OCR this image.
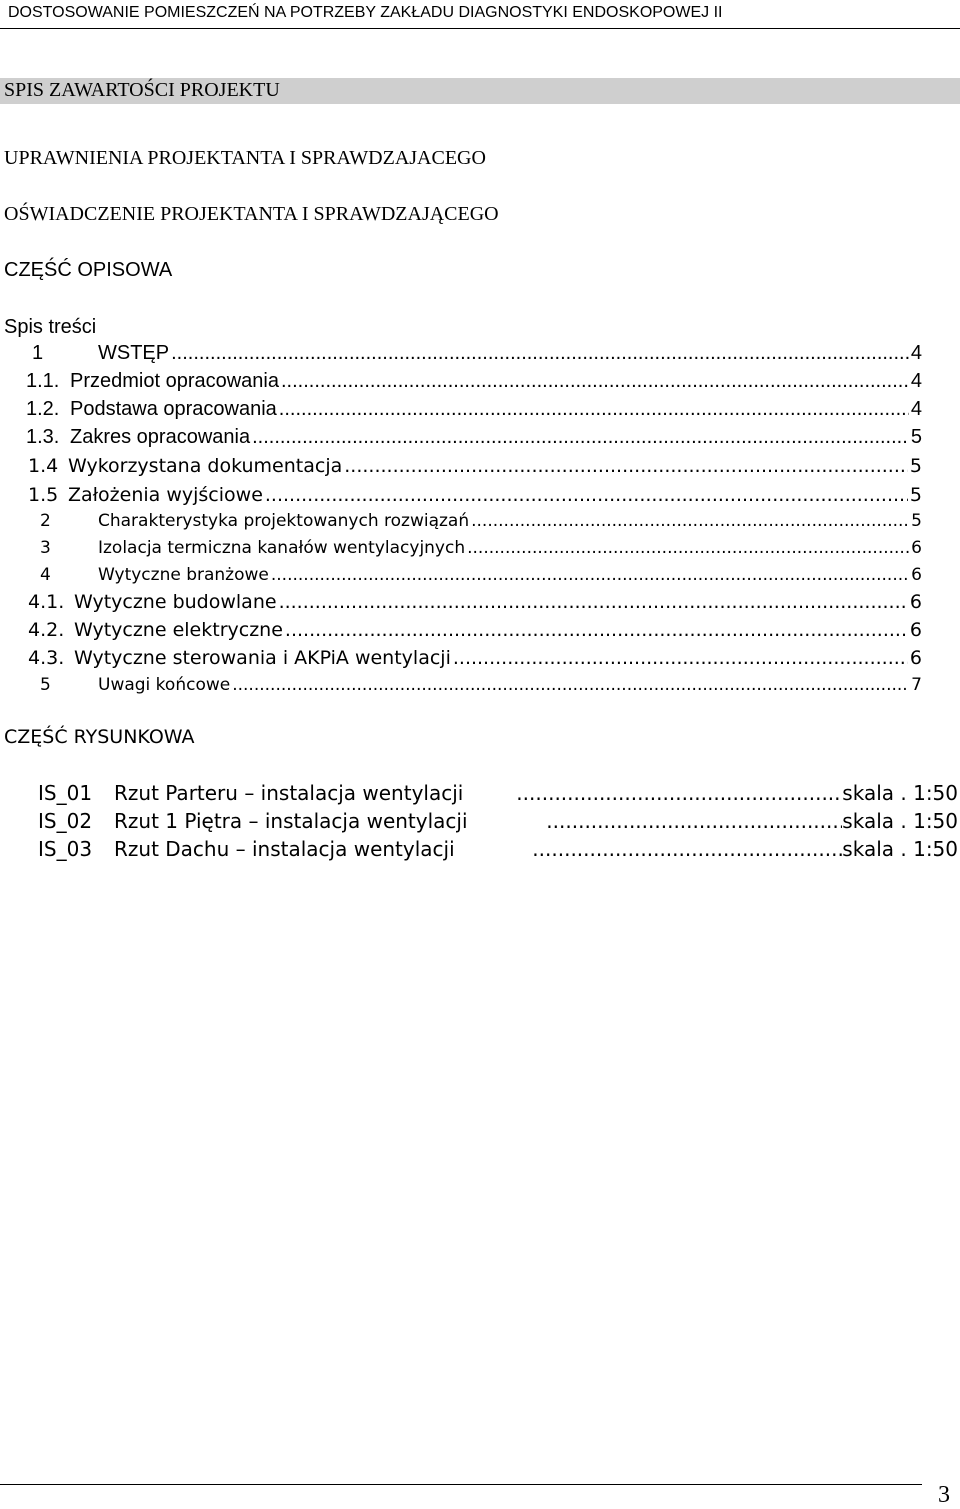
DOSTOSOWANIE POMIESZCZEŃ NA POTRZEBY ZAKŁADU DIAGNOSTYKI ENDOSKOPOWEJ II
SPIS ZAWARTOŚCI PROJEKTU
UPRAWNIENIA PROJEKTANTA I SPRAWDZAJACEGO
OŚWIADCZENIE PROJEKTANTA I SPRAWDZAJĄCEGO
CZĘŚĆ OPISOWA
Spis treści
1	WSTĘP .....	4
1.1. Przedmiot opracowania .....	4
1.2. Podstawa opracowania .....	4
1.3. Zakres opracowania .....	5
1.4 Wykorzystana dokumentacja .....	5
1.5 Założenia wyjściowe .....	5
2	Charakterystyka projektowanych rozwiązań .....	5
3	Izolacja termiczna kanałów wentylacyjnych .....	6
4	Wytyczne branżowe .....	6
4.1. Wytyczne budowlane .....	6
4.2. Wytyczne elektryczne .....	6
4.3. Wytyczne sterowania i AKPiA wentylacji .....	6
5	Uwagi końcowe .....	7
CZĘŚĆ RYSUNKOWA
IS_01	Rzut Parteru – instalacja wentylacji .....	skala . 1:50
IS_02	Rzut 1 Piętra – instalacja wentylacji .....	skala . 1:50
IS_03	Rzut Dachu – instalacja wentylacji .....	skala . 1:50
3
